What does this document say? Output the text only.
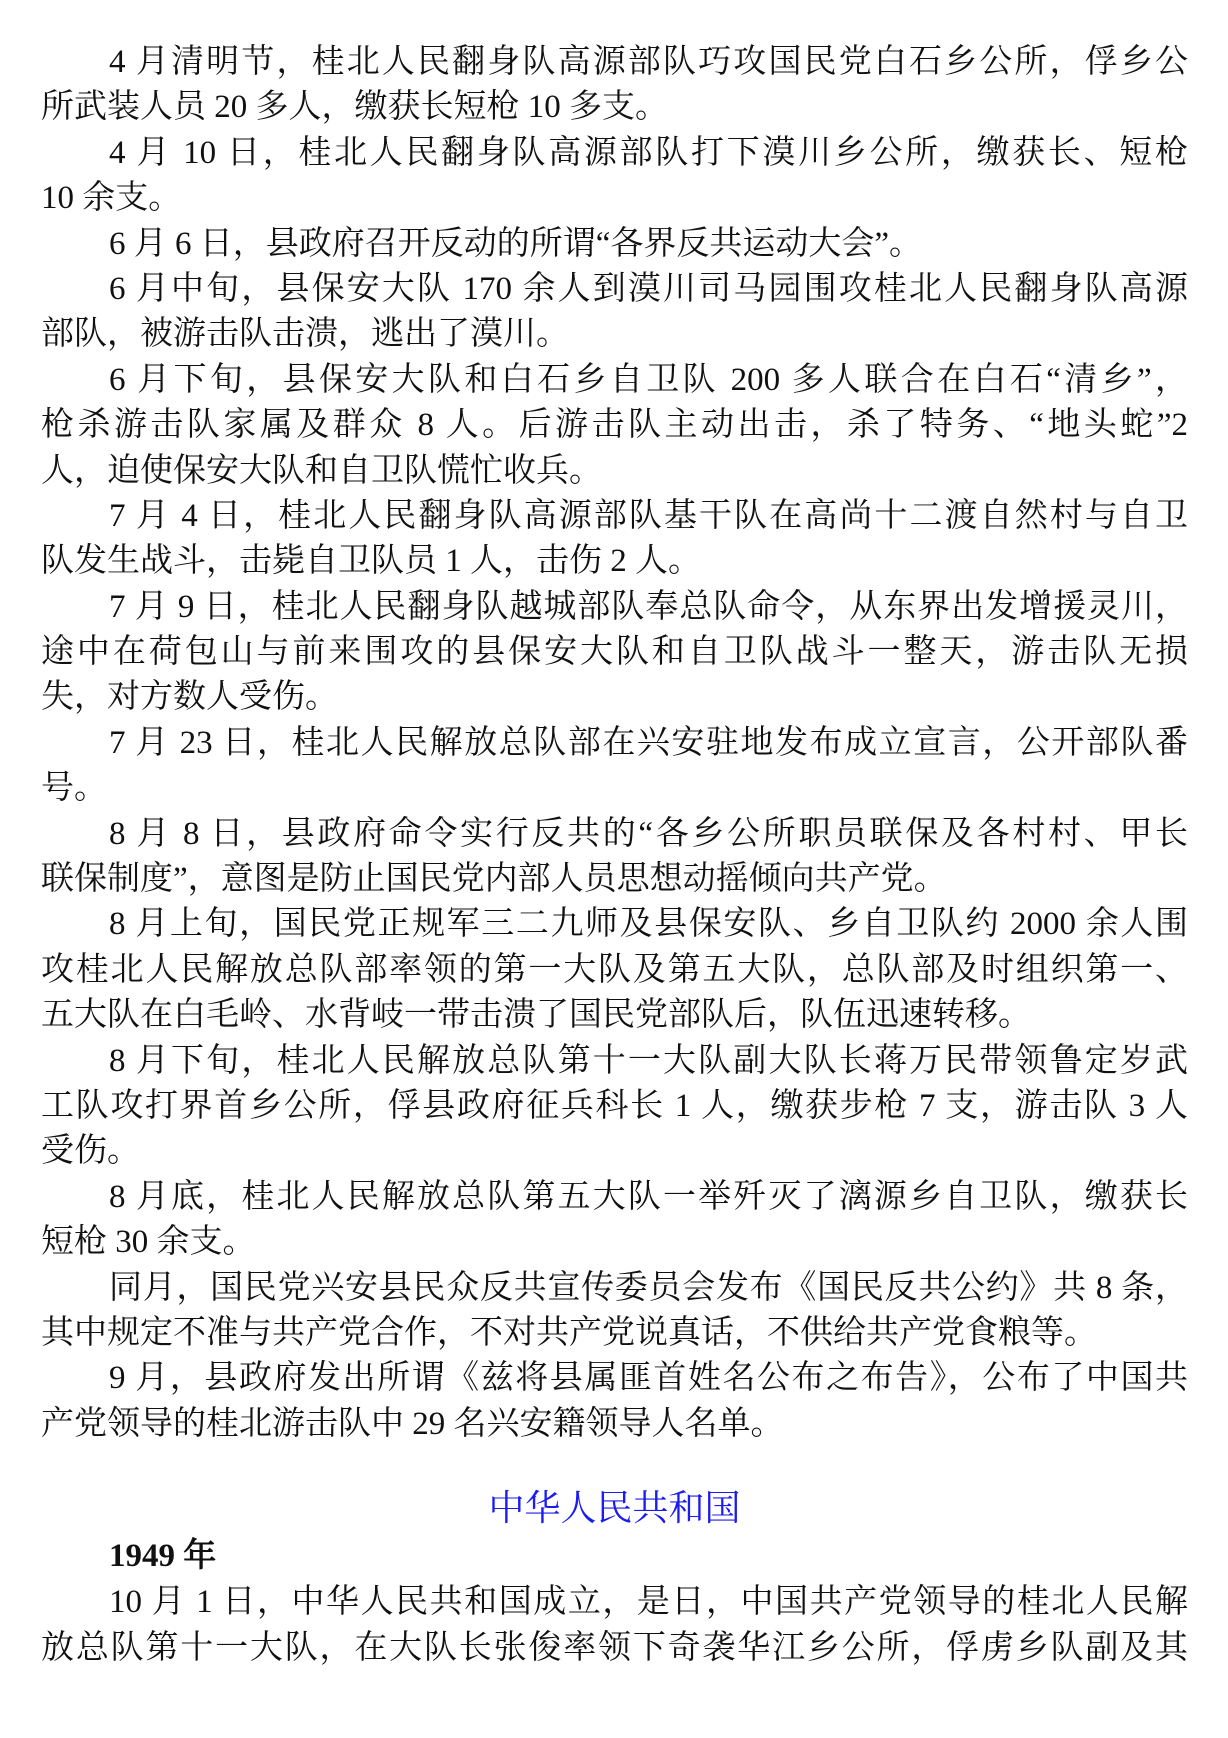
4 月清明节，桂北人民翻身队高源部队巧攻国民党白石乡公所，俘乡公
所武装人员 20 多人，缴获长短枪 10 多支。
4 月 10 日，桂北人民翻身队高源部队打下漠川乡公所，缴获长、短枪
10 余支。
6 月 6 日，县政府召开反动的所谓“各界反共运动大会”。
6 月中旬，县保安大队 170 余人到漠川司马园围攻桂北人民翻身队高源
部队，被游击队击溃，逃出了漠川。
6 月下旬，县保安大队和白石乡自卫队 200 多人联合在白石“清乡”，
枪杀游击队家属及群众 8 人。后游击队主动出击，杀了特务、“地头蛇”2
人，迫使保安大队和自卫队慌忙收兵。
7 月 4 日，桂北人民翻身队高源部队基干队在高尚十二渡自然村与自卫
队发生战斗，击毙自卫队员 1 人，击伤 2 人。
7 月 9 日，桂北人民翻身队越城部队奉总队命令，从东界出发增援灵川，
途中在荷包山与前来围攻的县保安大队和自卫队战斗一整天，游击队无损
失，对方数人受伤。
7 月 23 日，桂北人民解放总队部在兴安驻地发布成立宣言，公开部队番
号。
8 月 8 日，县政府命令实行反共的“各乡公所职员联保及各村村、甲长
联保制度”，意图是防止国民党内部人员思想动摇倾向共产党。
8 月上旬，国民党正规军三二九师及县保安队、乡自卫队约 2000 余人围
攻桂北人民解放总队部率领的第一大队及第五大队，总队部及时组织第一、
五大队在白毛岭、水背岐一带击溃了国民党部队后，队伍迅速转移。
8 月下旬，桂北人民解放总队第十一大队副大队长蒋万民带领鲁定岁武
工队攻打界首乡公所，俘县政府征兵科长 1 人，缴获步枪 7 支，游击队 3 人
受伤。
8 月底，桂北人民解放总队第五大队一举歼灭了漓源乡自卫队，缴获长
短枪 30 余支。
同月，国民党兴安县民众反共宣传委员会发布《国民反共公约》共 8 条，
其中规定不准与共产党合作，不对共产党说真话，不供给共产党食粮等。
9 月，县政府发出所谓《兹将县属匪首姓名公布之布告》，公布了中国共
产党领导的桂北游击队中 29 名兴安籍领导人名单。
中华人民共和国
1949 年
10 月 1 日，中华人民共和国成立，是日，中国共产党领导的桂北人民解
放总队第十一大队，在大队长张俊率领下奇袭华江乡公所，俘虏乡队副及其
